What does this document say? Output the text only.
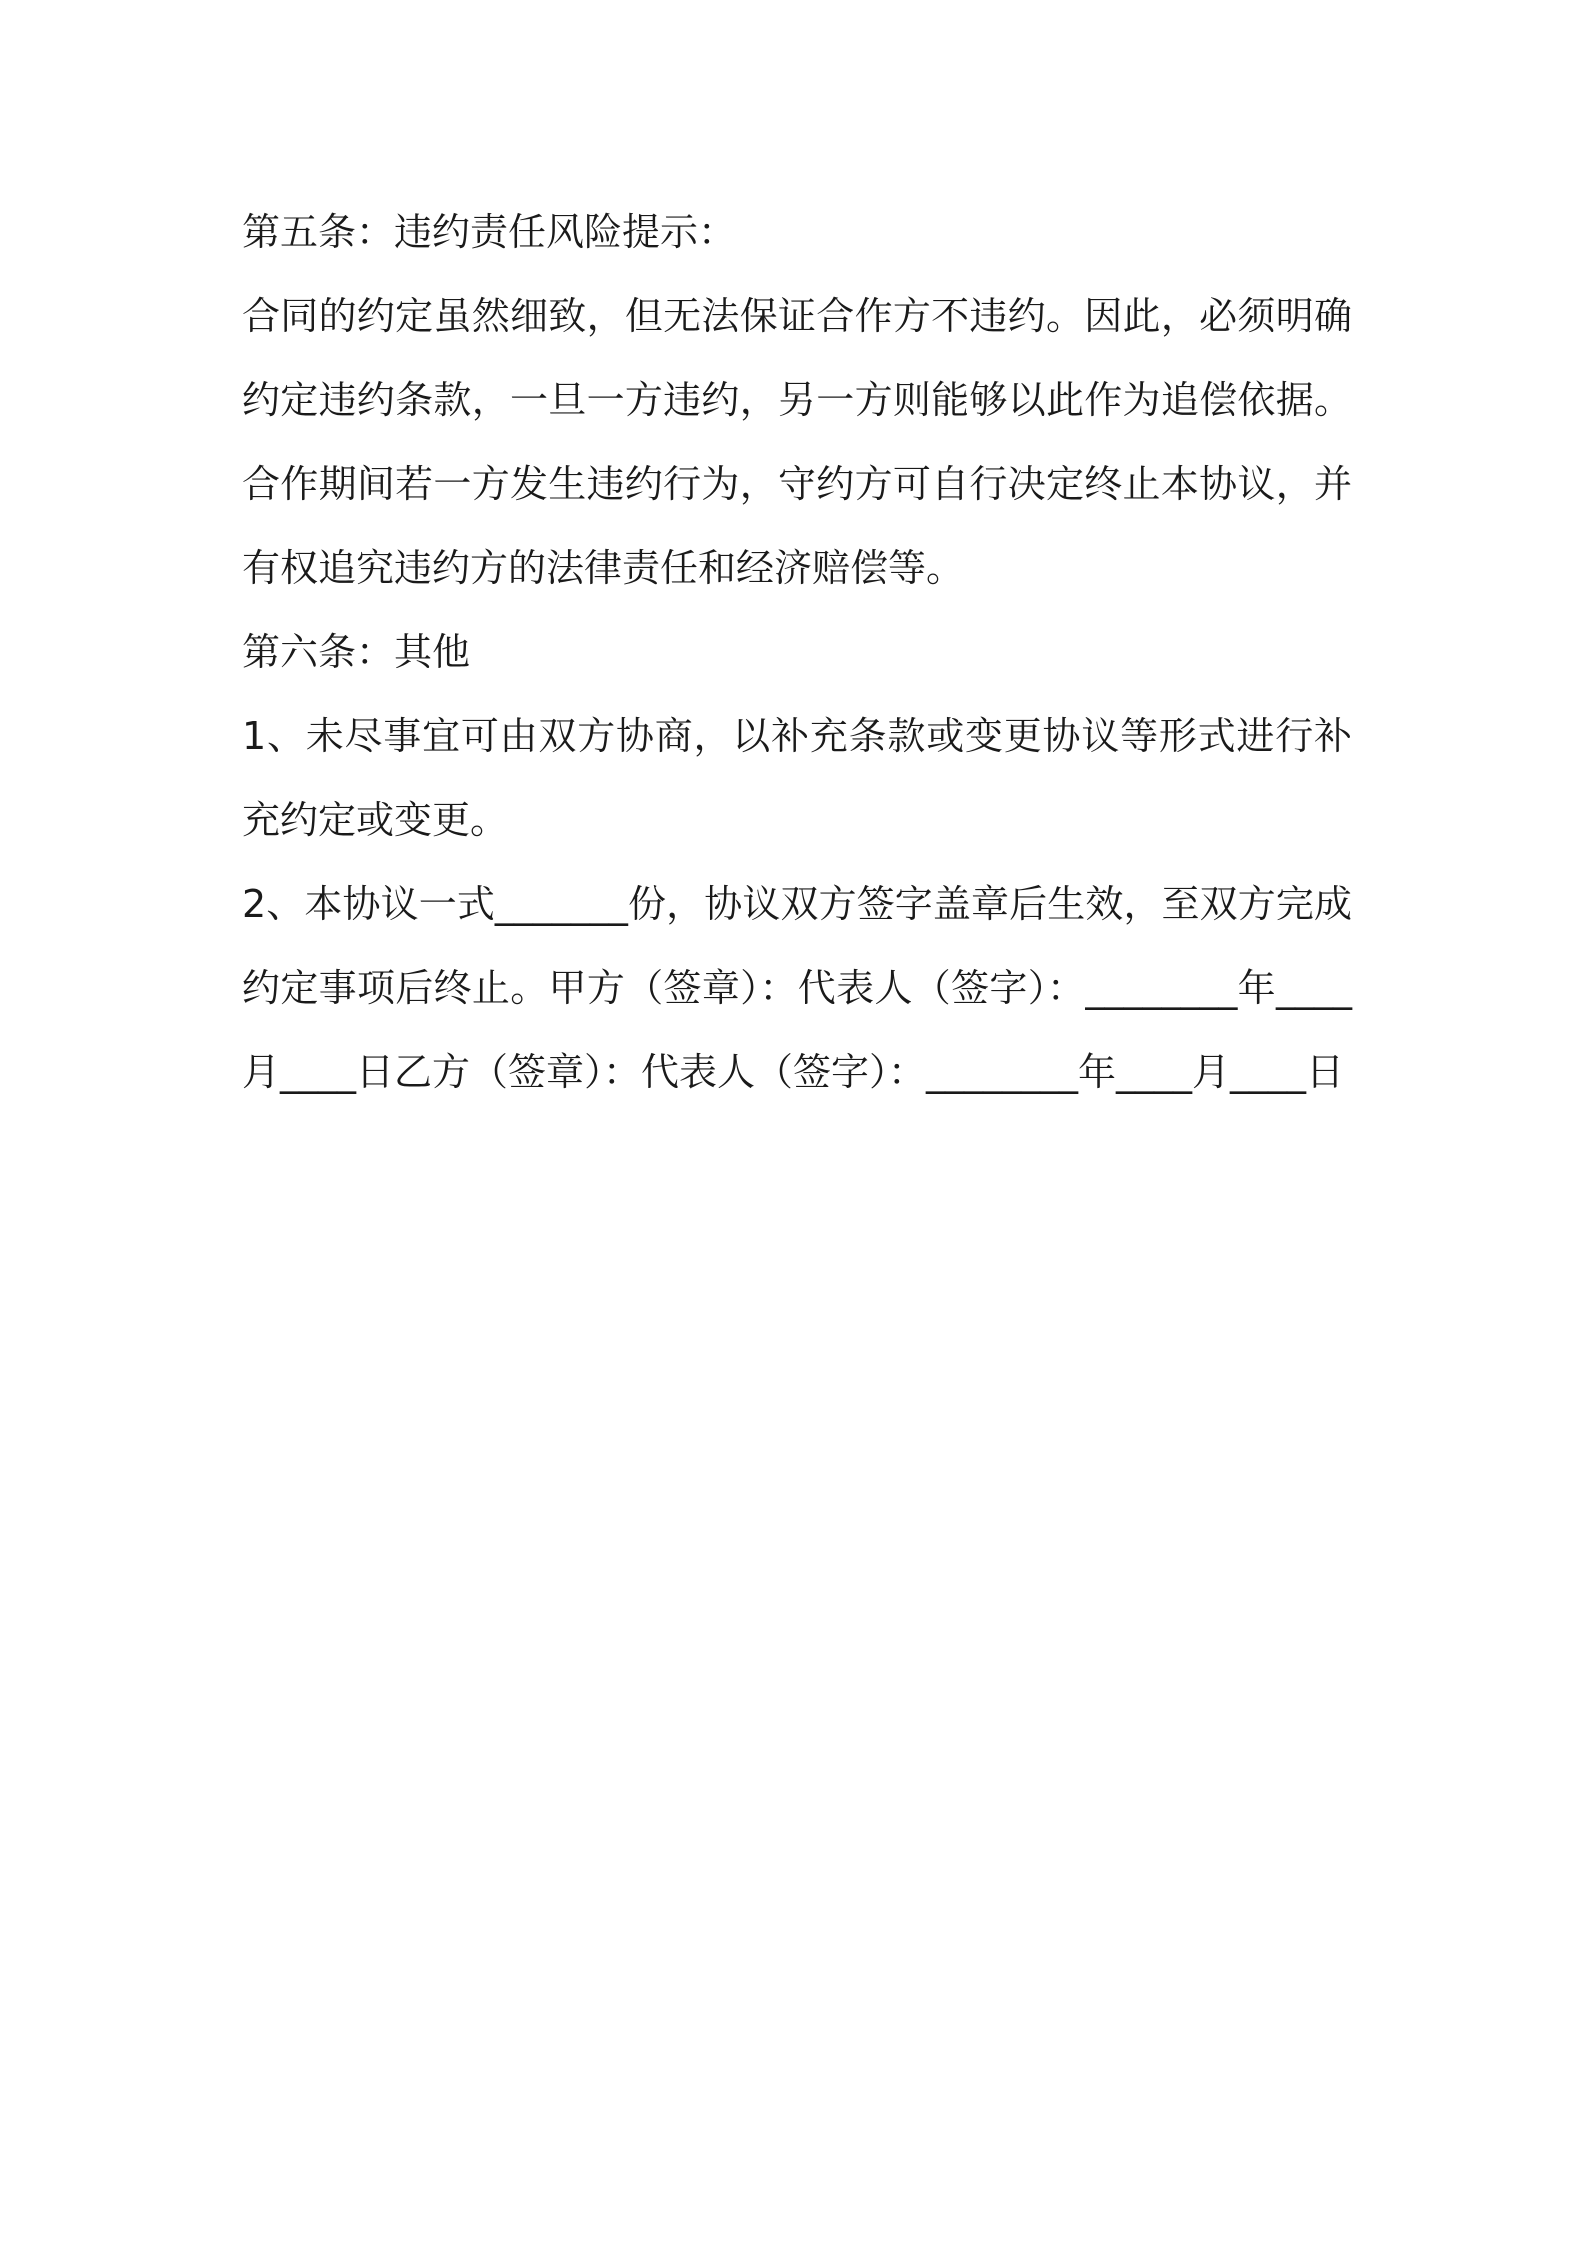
第五条：违约责任风险提示：

合同的约定虽然细致，但无法保证合作方不违约。因此，必须明确约定违约条款，一旦一方违约，另一方则能够以此作为追偿依据。 合作期间若一方发生违约行为，守约方可自行决定终止本协议，并有权追究违约方的法律责任和经济赔偿等。

第六条：其他

1、未尽事宜可由双方协商，以补充条款或变更协议等形式进行补充约定或变更。

2、本协议一式_______份，协议双方签字盖章后生效，至双方完成约定事项后终止。甲方（签章）：代表人（签字）：________年____月____日乙方（签章）：代表人（签字）：________年____月____日
